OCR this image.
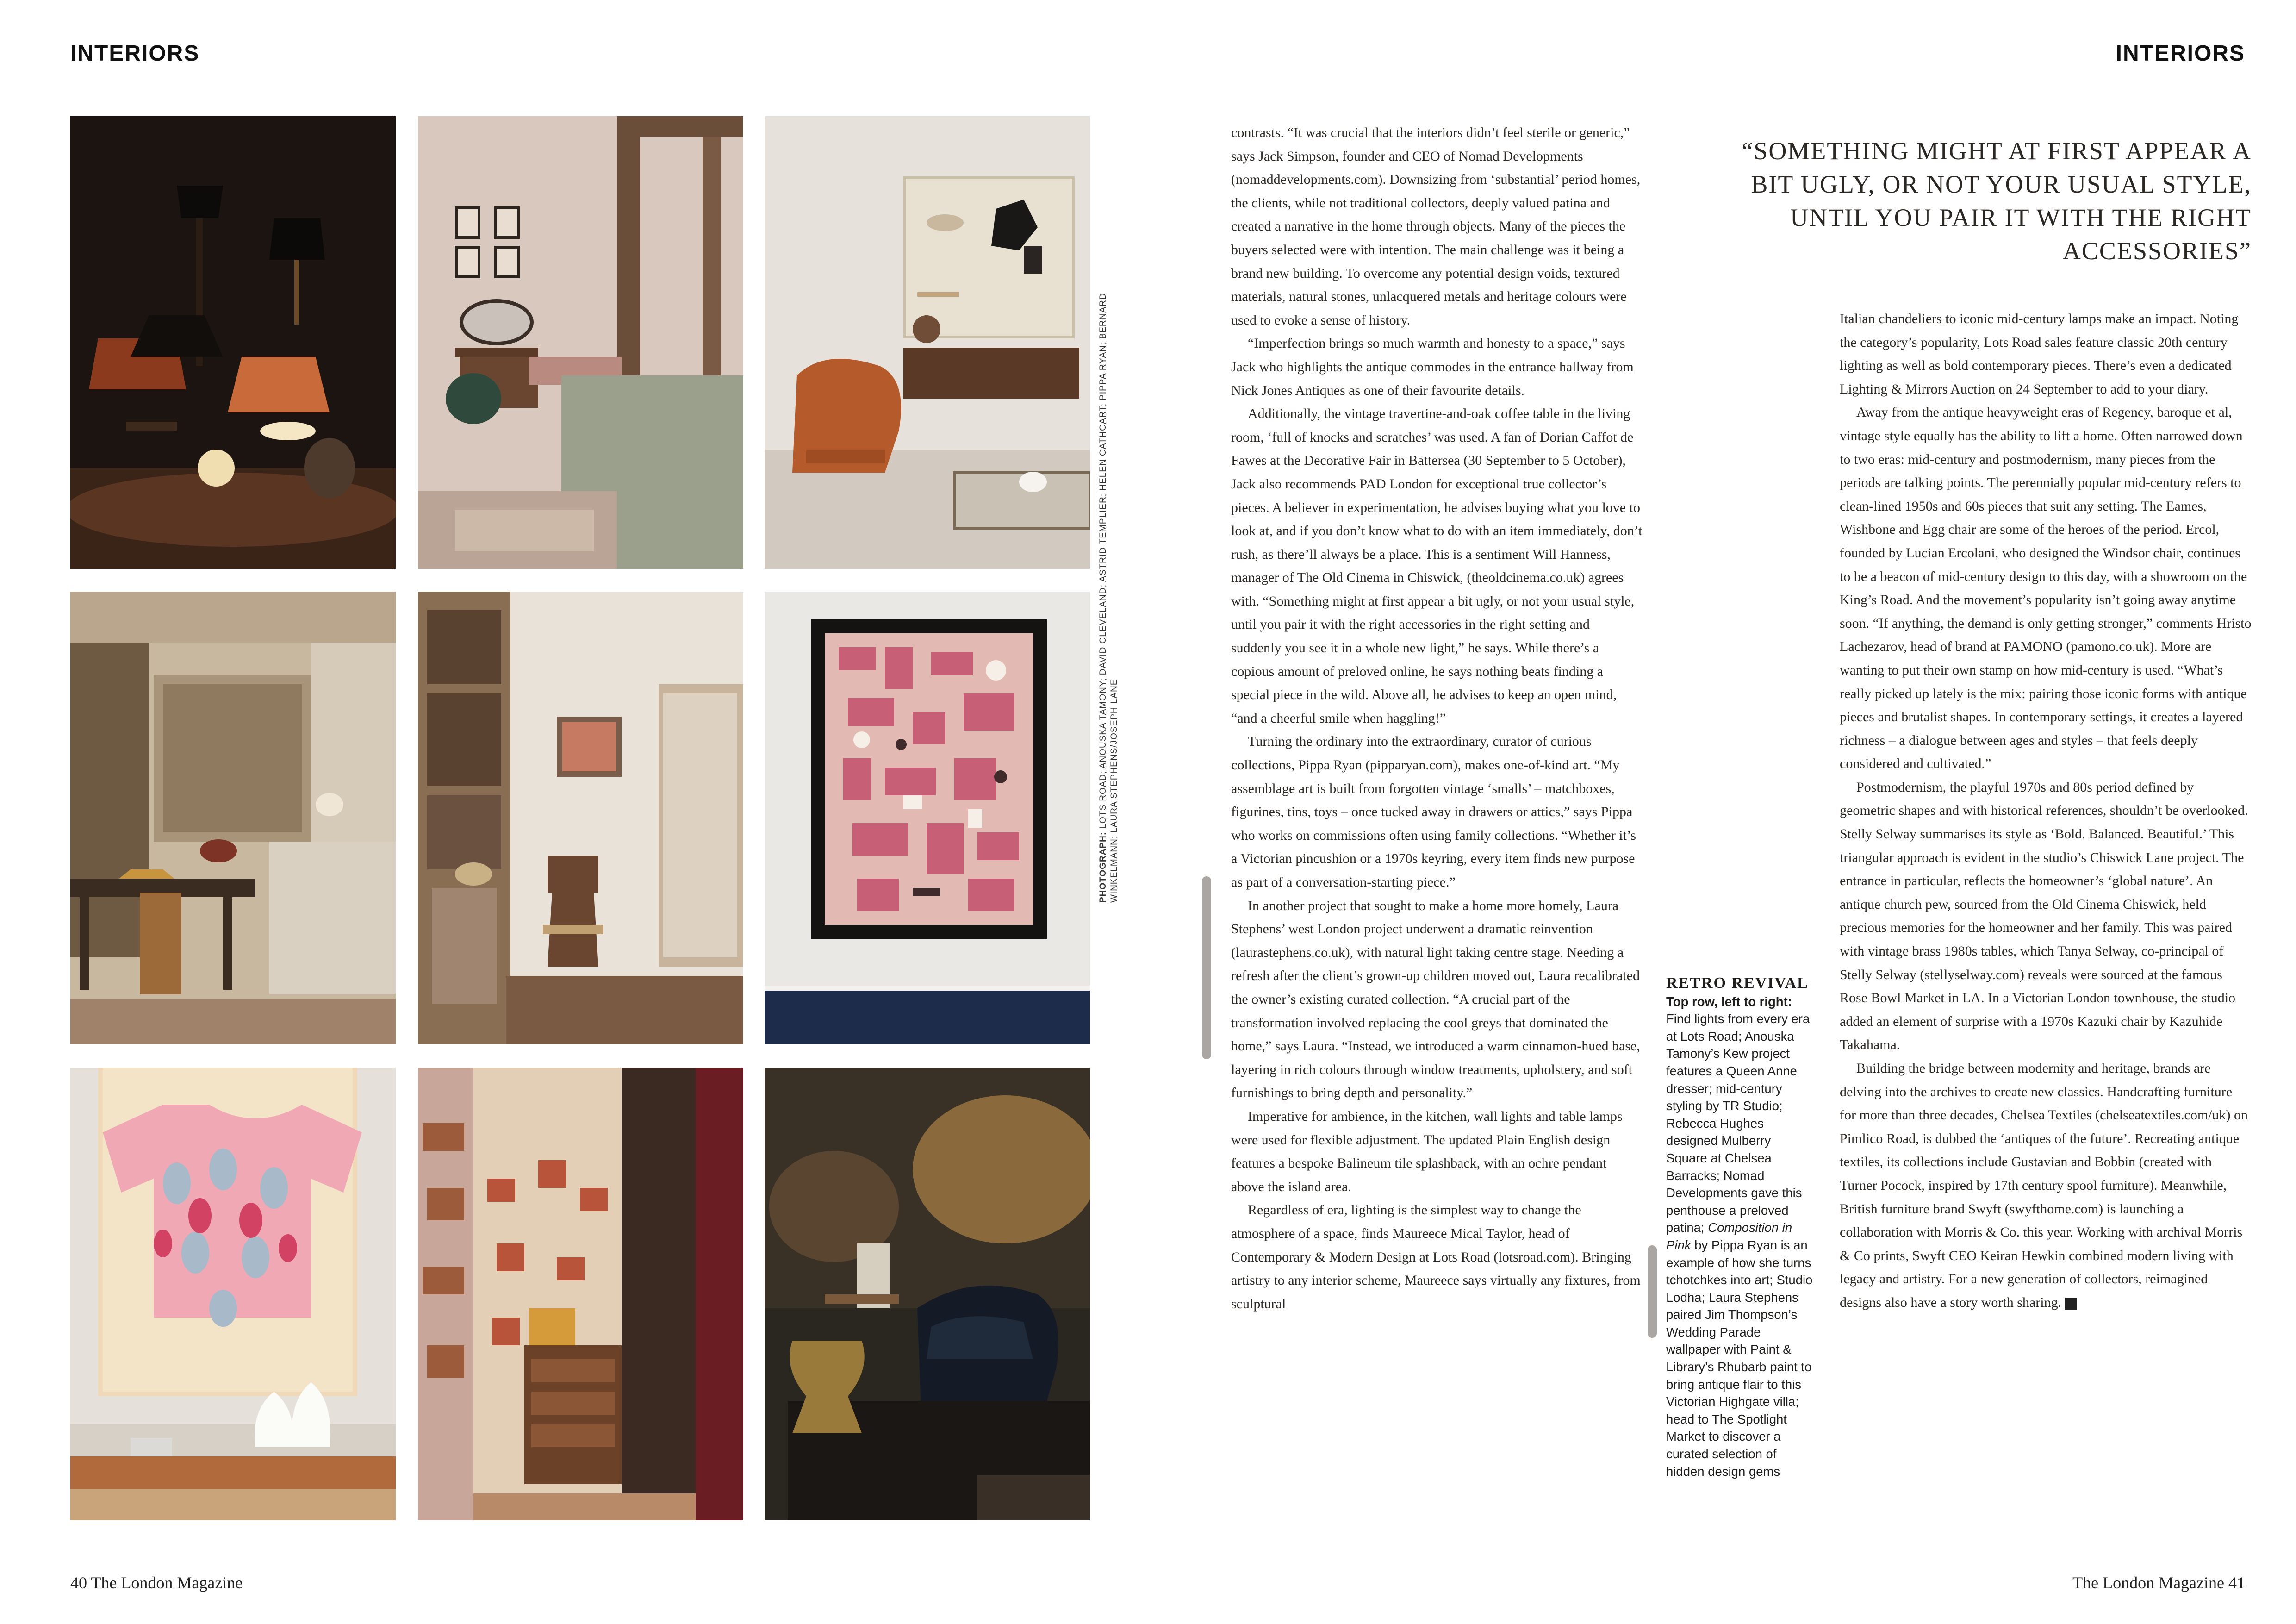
INTERIORS	INTERIORS
PHOTOGRAPH: LOTS ROAD; ANOUSKA TAMONY; DAVID CLEVELAND; ASTRID TEMPLIER; HELEN CATHCART; PIPPA RYAN; BERNARD WINKELMANN; LAURA STEPHENS/JOSEPH LANE

contrasts. “It was crucial that the interiors didn’t feel sterile or generic,” says Jack Simpson, founder and CEO of Nomad Developments (nomaddevelopments.com). Downsizing from ‘substantial’ period homes, the clients, while not traditional collectors, deeply valued patina and created a narrative in the home through objects. Many of the pieces the buyers selected were with intention. The main challenge was it being a brand new building. To overcome any potential design voids, textured materials, natural stones, unlacquered metals and heritage colours were used to evoke a sense of history.

“Imperfection brings so much warmth and honesty to a space,” says Jack who highlights the antique commodes in the entrance hallway from Nick Jones Antiques as one of their favourite details.

Additionally, the vintage travertine-and-oak coffee table in the living room, ‘full of knocks and scratches’ was used. A fan of Dorian Caffot de Fawes at the Decorative Fair in Battersea (30 September to 5 October), Jack also recommends PAD London for exceptional true collector’s pieces. A believer in experimentation, he advises buying what you love to look at, and if you don’t know what to do with an item immediately, don’t rush, as there’ll always be a place. This is a sentiment Will Hanness, manager of The Old Cinema in Chiswick, (theoldcinema.co.uk) agrees with. “Something might at first appear a bit ugly, or not your usual style, until you pair it with the right accessories in the right setting and suddenly you see it in a whole new light,” he says. While there’s a copious amount of preloved online, he says nothing beats finding a special piece in the wild. Above all, he advises to keep an open mind, “and a cheerful smile when haggling!”

Turning the ordinary into the extraordinary, curator of curious collections, Pippa Ryan (pipparyan.com), makes one-of-kind art. “My assemblage art is built from forgotten vintage ‘smalls’ – matchboxes, figurines, tins, toys – once tucked away in drawers or attics,” says Pippa who works on commissions often using family collections. “Whether it’s a Victorian pincushion or a 1970s keyring, every item finds new purpose as part of a conversation-starting piece.”

In another project that sought to make a home more homely, Laura Stephens’ west London project underwent a dramatic reinvention (laurastephens.co.uk), with natural light taking centre stage. Needing a refresh after the client’s grown-up children moved out, Laura recalibrated the owner’s existing curated collection. “A crucial part of the transformation involved replacing the cool greys that dominated the home,” says Laura. “Instead, we introduced a warm cinnamon-hued base, layering in rich colours through window treatments, upholstery, and soft furnishings to bring depth and personality.”

Imperative for ambience, in the kitchen, wall lights and table lamps were used for flexible adjustment. The updated Plain English design features a bespoke Balineum tile splashback, with an ochre pendant above the island area.

Regardless of era, lighting is the simplest way to change the atmosphere of a space, finds Maureece Mical Taylor, head of Contemporary & Modern Design at Lots Road (lotsroad.com). Bringing artistry to any interior scheme, Maureece says virtually any fixtures, from sculptural

“SOMETHING MIGHT AT FIRST APPEAR A BIT UGLY, OR NOT YOUR USUAL STYLE, UNTIL YOU PAIR IT WITH THE RIGHT ACCESSORIES”
RETRO REVIVAL
Top row, left to right: Find lights from every era at Lots Road; Anouska Tamony’s Kew project features a Queen Anne dresser; mid-century styling by TR Studio; Rebecca Hughes designed Mulberry Square at Chelsea Barracks; Nomad Developments gave this penthouse a preloved patina; Composition in Pink by Pippa Ryan is an example of how she turns tchotchkes into art; Studio Lodha; Laura Stephens paired Jim Thompson’s Wedding Parade wallpaper with Paint & Library’s Rhubarb paint to bring antique flair to this Victorian Highgate villa; head to The Spotlight Market to discover a curated selection of hidden design gems

Italian chandeliers to iconic mid-century lamps make an impact. Noting the category’s popularity, Lots Road sales feature classic 20th century lighting as well as bold contemporary pieces. There’s even a dedicated Lighting & Mirrors Auction on 24 September to add to your diary.

Away from the antique heavyweight eras of Regency, baroque et al, vintage style equally has the ability to lift a home. Often narrowed down to two eras: mid-century and postmodernism, many pieces from the periods are talking points. The perennially popular mid-century refers to clean-lined 1950s and 60s pieces that suit any setting. The Eames, Wishbone and Egg chair are some of the heroes of the period. Ercol, founded by Lucian Ercolani, who designed the Windsor chair, continues to be a beacon of mid-century design to this day, with a showroom on the King’s Road. And the movement’s popularity isn’t going away anytime soon. “If anything, the demand is only getting stronger,” comments Hristo Lachezarov, head of brand at PAMONO (pamono.co.uk). More are wanting to put their own stamp on how mid-century is used. “What’s really picked up lately is the mix: pairing those iconic forms with antique pieces and brutalist shapes. In contemporary settings, it creates a layered richness – a dialogue between ages and styles – that feels deeply considered and cultivated.”

Postmodernism, the playful 1970s and 80s period defined by geometric shapes and with historical references, shouldn’t be overlooked. Stelly Selway summarises its style as ‘Bold. Balanced. Beautiful.’ This triangular approach is evident in the studio’s Chiswick Lane project. The entrance in particular, reflects the homeowner’s ‘global nature’. An antique church pew, sourced from the Old Cinema Chiswick, held precious memories for the homeowner and her family. This was paired with vintage brass 1980s tables, which Tanya Selway, co-principal of Stelly Selway (stellyselway.com) reveals were sourced at the famous Rose Bowl Market in LA. In a Victorian London townhouse, the studio added an element of surprise with a 1970s Kazuki chair by Kazuhide Takahama.

Building the bridge between modernity and heritage, brands are delving into the archives to create new classics. Handcrafting furniture for more than three decades, Chelsea Textiles (chelseatextiles.com/uk) on Pimlico Road, is dubbed the ‘antiques of the future’. Recreating antique textiles, its collections include Gustavian and Bobbin (created with Turner Pocock, inspired by 17th century spool furniture). Meanwhile, British furniture brand Swyft (swyfthome.com) is launching a collaboration with Morris & Co. this year. Working with archival Morris & Co prints, Swyft CEO Keiran Hewkin combined modern living with legacy and artistry. For a new generation of collectors, reimagined designs also have a story worth sharing. L

40 The London Magazine	The London Magazine 41
